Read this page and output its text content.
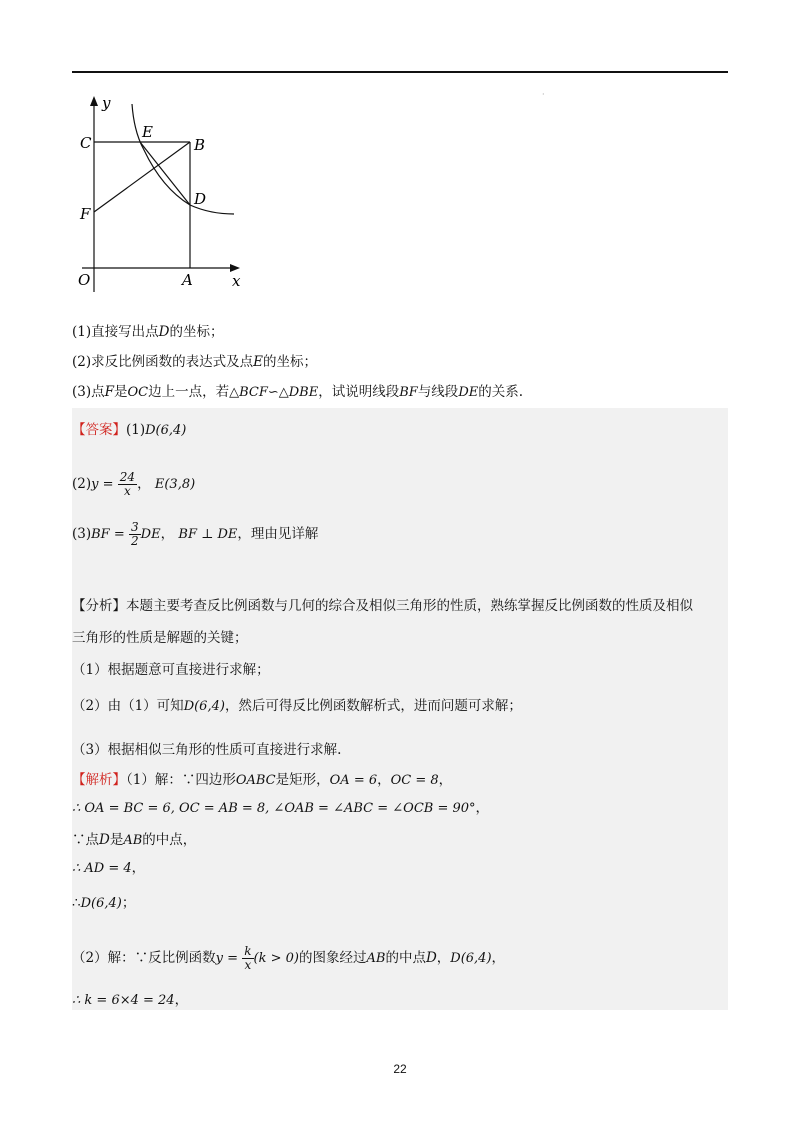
·
y
x
O	A
B
C
D
E
F
(1)直接写出点D的坐标；
(2)求反比例函数的表达式及点E的坐标；
(3)点F是OC边上一点，若△BCF∽△DBE，试说明线段BF与线段DE的关系.
【答案】(1)D(6,4)
$(2)y = \frac{24}{x}$ ， E(3,8)
$(3)BF = \frac{3}{2}$ DE， BF ⊥ DE，理由见详解
【分析】本题主要考查反比例函数与几何的综合及相似三角形的性质，熟练掌握反比例函数的性质及相似
三角形的性质是解题的关键；
（1）根据题意可直接进行求解；
（2）由（1）可知D(6,4)，然后可得反比例函数解析式，进而问题可求解；
（3）根据相似三角形的性质可直接进行求解.
【解析】（1）解：∵四边形OABC是矩形，OA = 6，OC = 8，
∴ OA = BC = 6, OC = AB = 8, ∠OAB = ∠ABC = ∠OCB = 90°，
∵点D是AB的中点，
∴ AD = 4，
∴D(6,4)；
（2）解：∵反比例函数$y = \frac{k}{x} (k > 0)$的图象经过AB的中点D，D(6,4)，
∴ k = 6×4 = 24，
22
